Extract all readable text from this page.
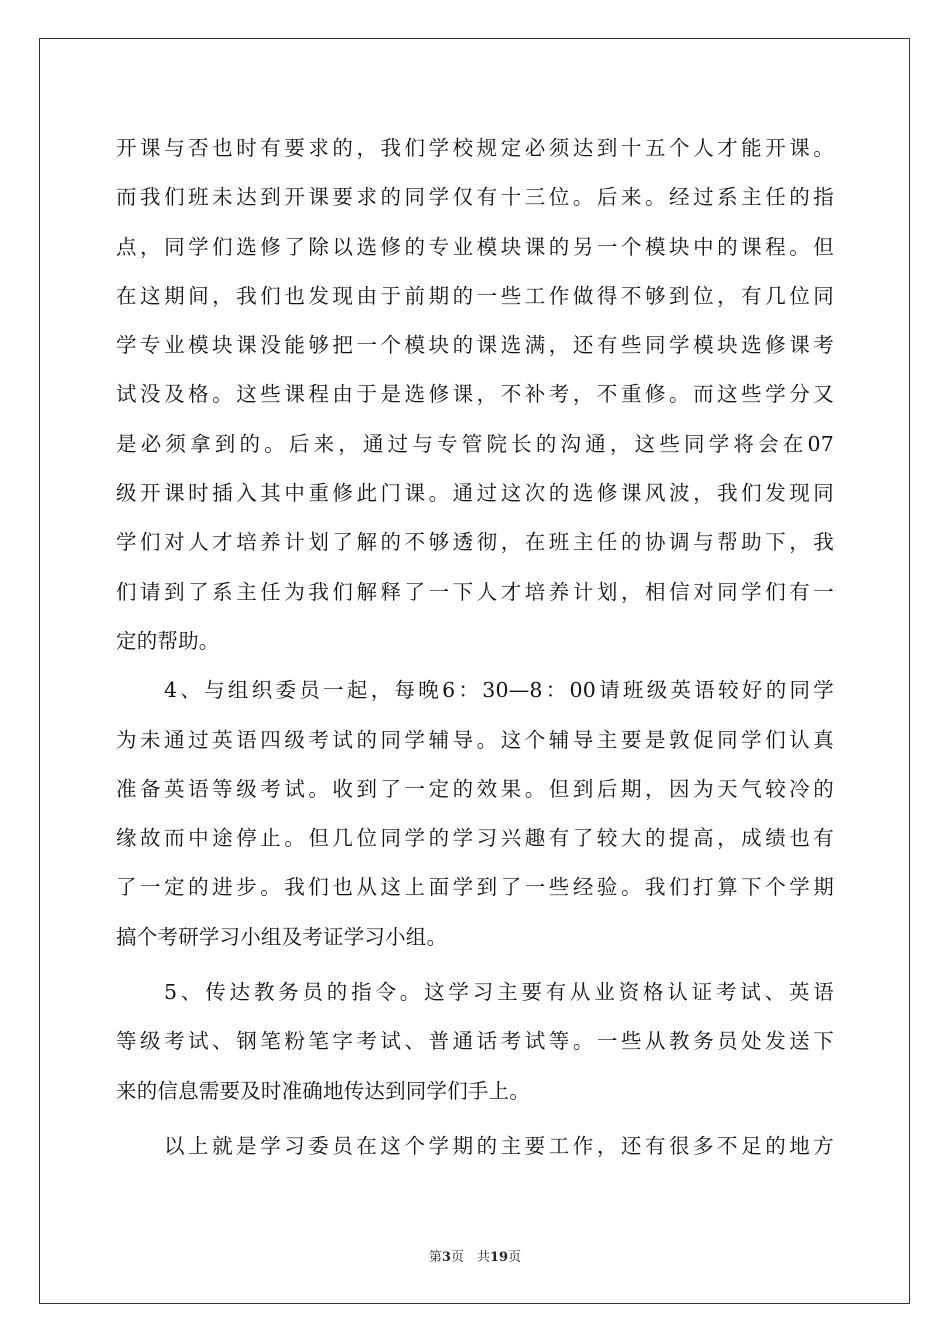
开课与否也时有要求的，我们学校规定必须达到十五个人才能开课。
而我们班未达到开课要求的同学仅有十三位。后来。经过系主任的指
点，同学们选修了除以选修的专业模块课的另一个模块中的课程。但
在这期间，我们也发现由于前期的一些工作做得不够到位，有几位同
学专业模块课没能够把一个模块的课选满，还有些同学模块选修课考
试没及格。这些课程由于是选修课，不补考，不重修。而这些学分又
是必须拿到的。后来，通过与专管院长的沟通，这些同学将会在07
级开课时插入其中重修此门课。通过这次的选修课风波，我们发现同
学们对人才培养计划了解的不够透彻，在班主任的协调与帮助下，我
们请到了系主任为我们解释了一下人才培养计划，相信对同学们有一
定的帮助。
4、与组织委员一起，每晚6：30—8：00请班级英语较好的同学
为未通过英语四级考试的同学辅导。这个辅导主要是敦促同学们认真
准备英语等级考试。收到了一定的效果。但到后期，因为天气较冷的
缘故而中途停止。但几位同学的学习兴趣有了较大的提高，成绩也有
了一定的进步。我们也从这上面学到了一些经验。我们打算下个学期
搞个考研学习小组及考证学习小组。
5、传达教务员的指令。这学习主要有从业资格认证考试、英语
等级考试、钢笔粉笔字考试、普通话考试等。一些从教务员处发送下
来的信息需要及时准确地传达到同学们手上。
以上就是学习委员在这个学期的主要工作，还有很多不足的地方
第3页　共19页
